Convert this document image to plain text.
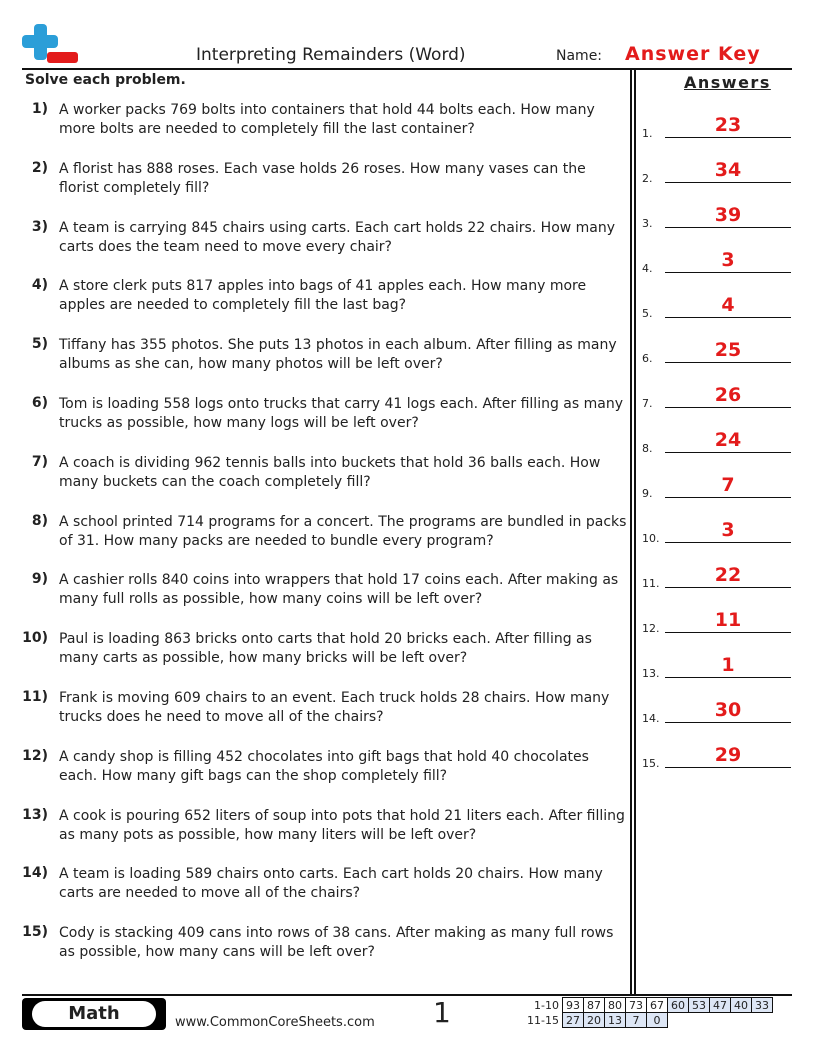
Interpreting Remainders (Word)	Name: Answer Key
Solve each problem.
1) A worker packs 769 bolts into containers that hold 44 bolts each. How many more bolts are needed to completely fill the last container?
2) A florist has 888 roses. Each vase holds 26 roses. How many vases can the florist completely fill?
3) A team is carrying 845 chairs using carts. Each cart holds 22 chairs. How many carts does the team need to move every chair?
4) A store clerk puts 817 apples into bags of 41 apples each. How many more apples are needed to completely fill the last bag?
5) Tiffany has 355 photos. She puts 13 photos in each album. After filling as many albums as she can, how many photos will be left over?
6) Tom is loading 558 logs onto trucks that carry 41 logs each. After filling as many trucks as possible, how many logs will be left over?
7) A coach is dividing 962 tennis balls into buckets that hold 36 balls each. How many buckets can the coach completely fill?
8) A school printed 714 programs for a concert. The programs are bundled in packs of 31. How many packs are needed to bundle every program?
9) A cashier rolls 840 coins into wrappers that hold 17 coins each. After making as many full rolls as possible, how many coins will be left over?
10) Paul is loading 863 bricks onto carts that hold 20 bricks each. After filling as many carts as possible, how many bricks will be left over?
11) Frank is moving 609 chairs to an event. Each truck holds 28 chairs. How many trucks does he need to move all of the chairs?
12) A candy shop is filling 452 chocolates into gift bags that hold 40 chocolates each. How many gift bags can the shop completely fill?
13) A cook is pouring 652 liters of soup into pots that hold 21 liters each. After filling as many pots as possible, how many liters will be left over?
14) A team is loading 589 chairs onto carts. Each cart holds 20 chairs. How many carts are needed to move all of the chairs?
15) Cody is stacking 409 cans into rows of 38 cans. After making as many full rows as possible, how many cans will be left over?
Answers
1.	23
2.	34
3.	39
4.	3
5.	4
6.	25
7.	26
8.	24
9.	7
10.	3
11.	22
12.	11
13.	1
14.	30
15.	29
Math	www.CommonCoreSheets.com 1	1-10	93	87	80	73	67	60	53	47	40	33
11-15	27	20	13	7	0					
